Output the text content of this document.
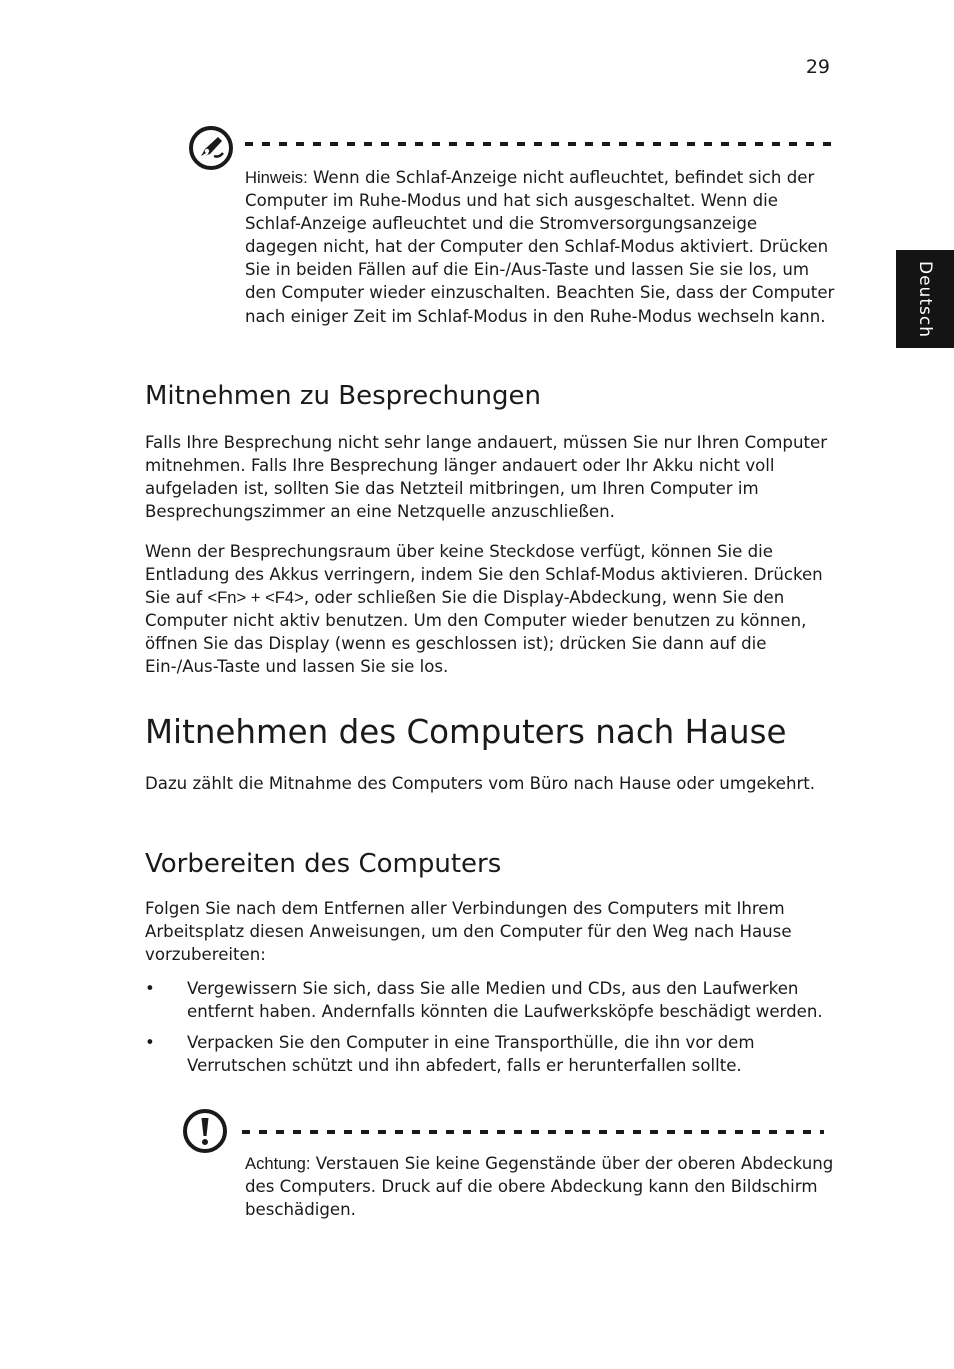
29
Deutsch

Hinweis: Wenn die Schlaf-Anzeige nicht aufleuchtet, befindet sich der Computer im Ruhe-Modus und hat sich ausgeschaltet. Wenn die Schlaf-Anzeige aufleuchtet und die Stromversorgungsanzeige dagegen nicht, hat der Computer den Schlaf-Modus aktiviert. Drücken Sie in beiden Fällen auf die Ein-/Aus-Taste und lassen Sie sie los, um den Computer wieder einzuschalten. Beachten Sie, dass der Computer nach einiger Zeit im Schlaf-Modus in den Ruhe-Modus wechseln kann.

Mitnehmen zu Besprechungen

Falls Ihre Besprechung nicht sehr lange andauert, müssen Sie nur Ihren Computer mitnehmen. Falls Ihre Besprechung länger andauert oder Ihr Akku nicht voll aufgeladen ist, sollten Sie das Netzteil mitbringen, um Ihren Computer im Besprechungszimmer an eine Netzquelle anzuschließen.

Wenn der Besprechungsraum über keine Steckdose verfügt, können Sie die Entladung des Akkus verringern, indem Sie den Schlaf-Modus aktivieren. Drücken Sie auf <Fn> + <F4>, oder schließen Sie die Display-Abdeckung, wenn Sie den Computer nicht aktiv benutzen. Um den Computer wieder benutzen zu können, öffnen Sie das Display (wenn es geschlossen ist); drücken Sie dann auf die Ein-/Aus-Taste und lassen Sie sie los.

Mitnehmen des Computers nach Hause

Dazu zählt die Mitnahme des Computers vom Büro nach Hause oder umgekehrt.

Vorbereiten des Computers

Folgen Sie nach dem Entfernen aller Verbindungen des Computers mit Ihrem Arbeitsplatz diesen Anweisungen, um den Computer für den Weg nach Hause vorzubereiten:

• Vergewissern Sie sich, dass Sie alle Medien und CDs, aus den Laufwerken entfernt haben. Andernfalls könnten die Laufwerksköpfe beschädigt werden.
• Verpacken Sie den Computer in eine Transporthülle, die ihn vor dem Verrutschen schützt und ihn abfedert, falls er herunterfallen sollte.

Achtung: Verstauen Sie keine Gegenstände über der oberen Abdeckung des Computers. Druck auf die obere Abdeckung kann den Bildschirm beschädigen.
